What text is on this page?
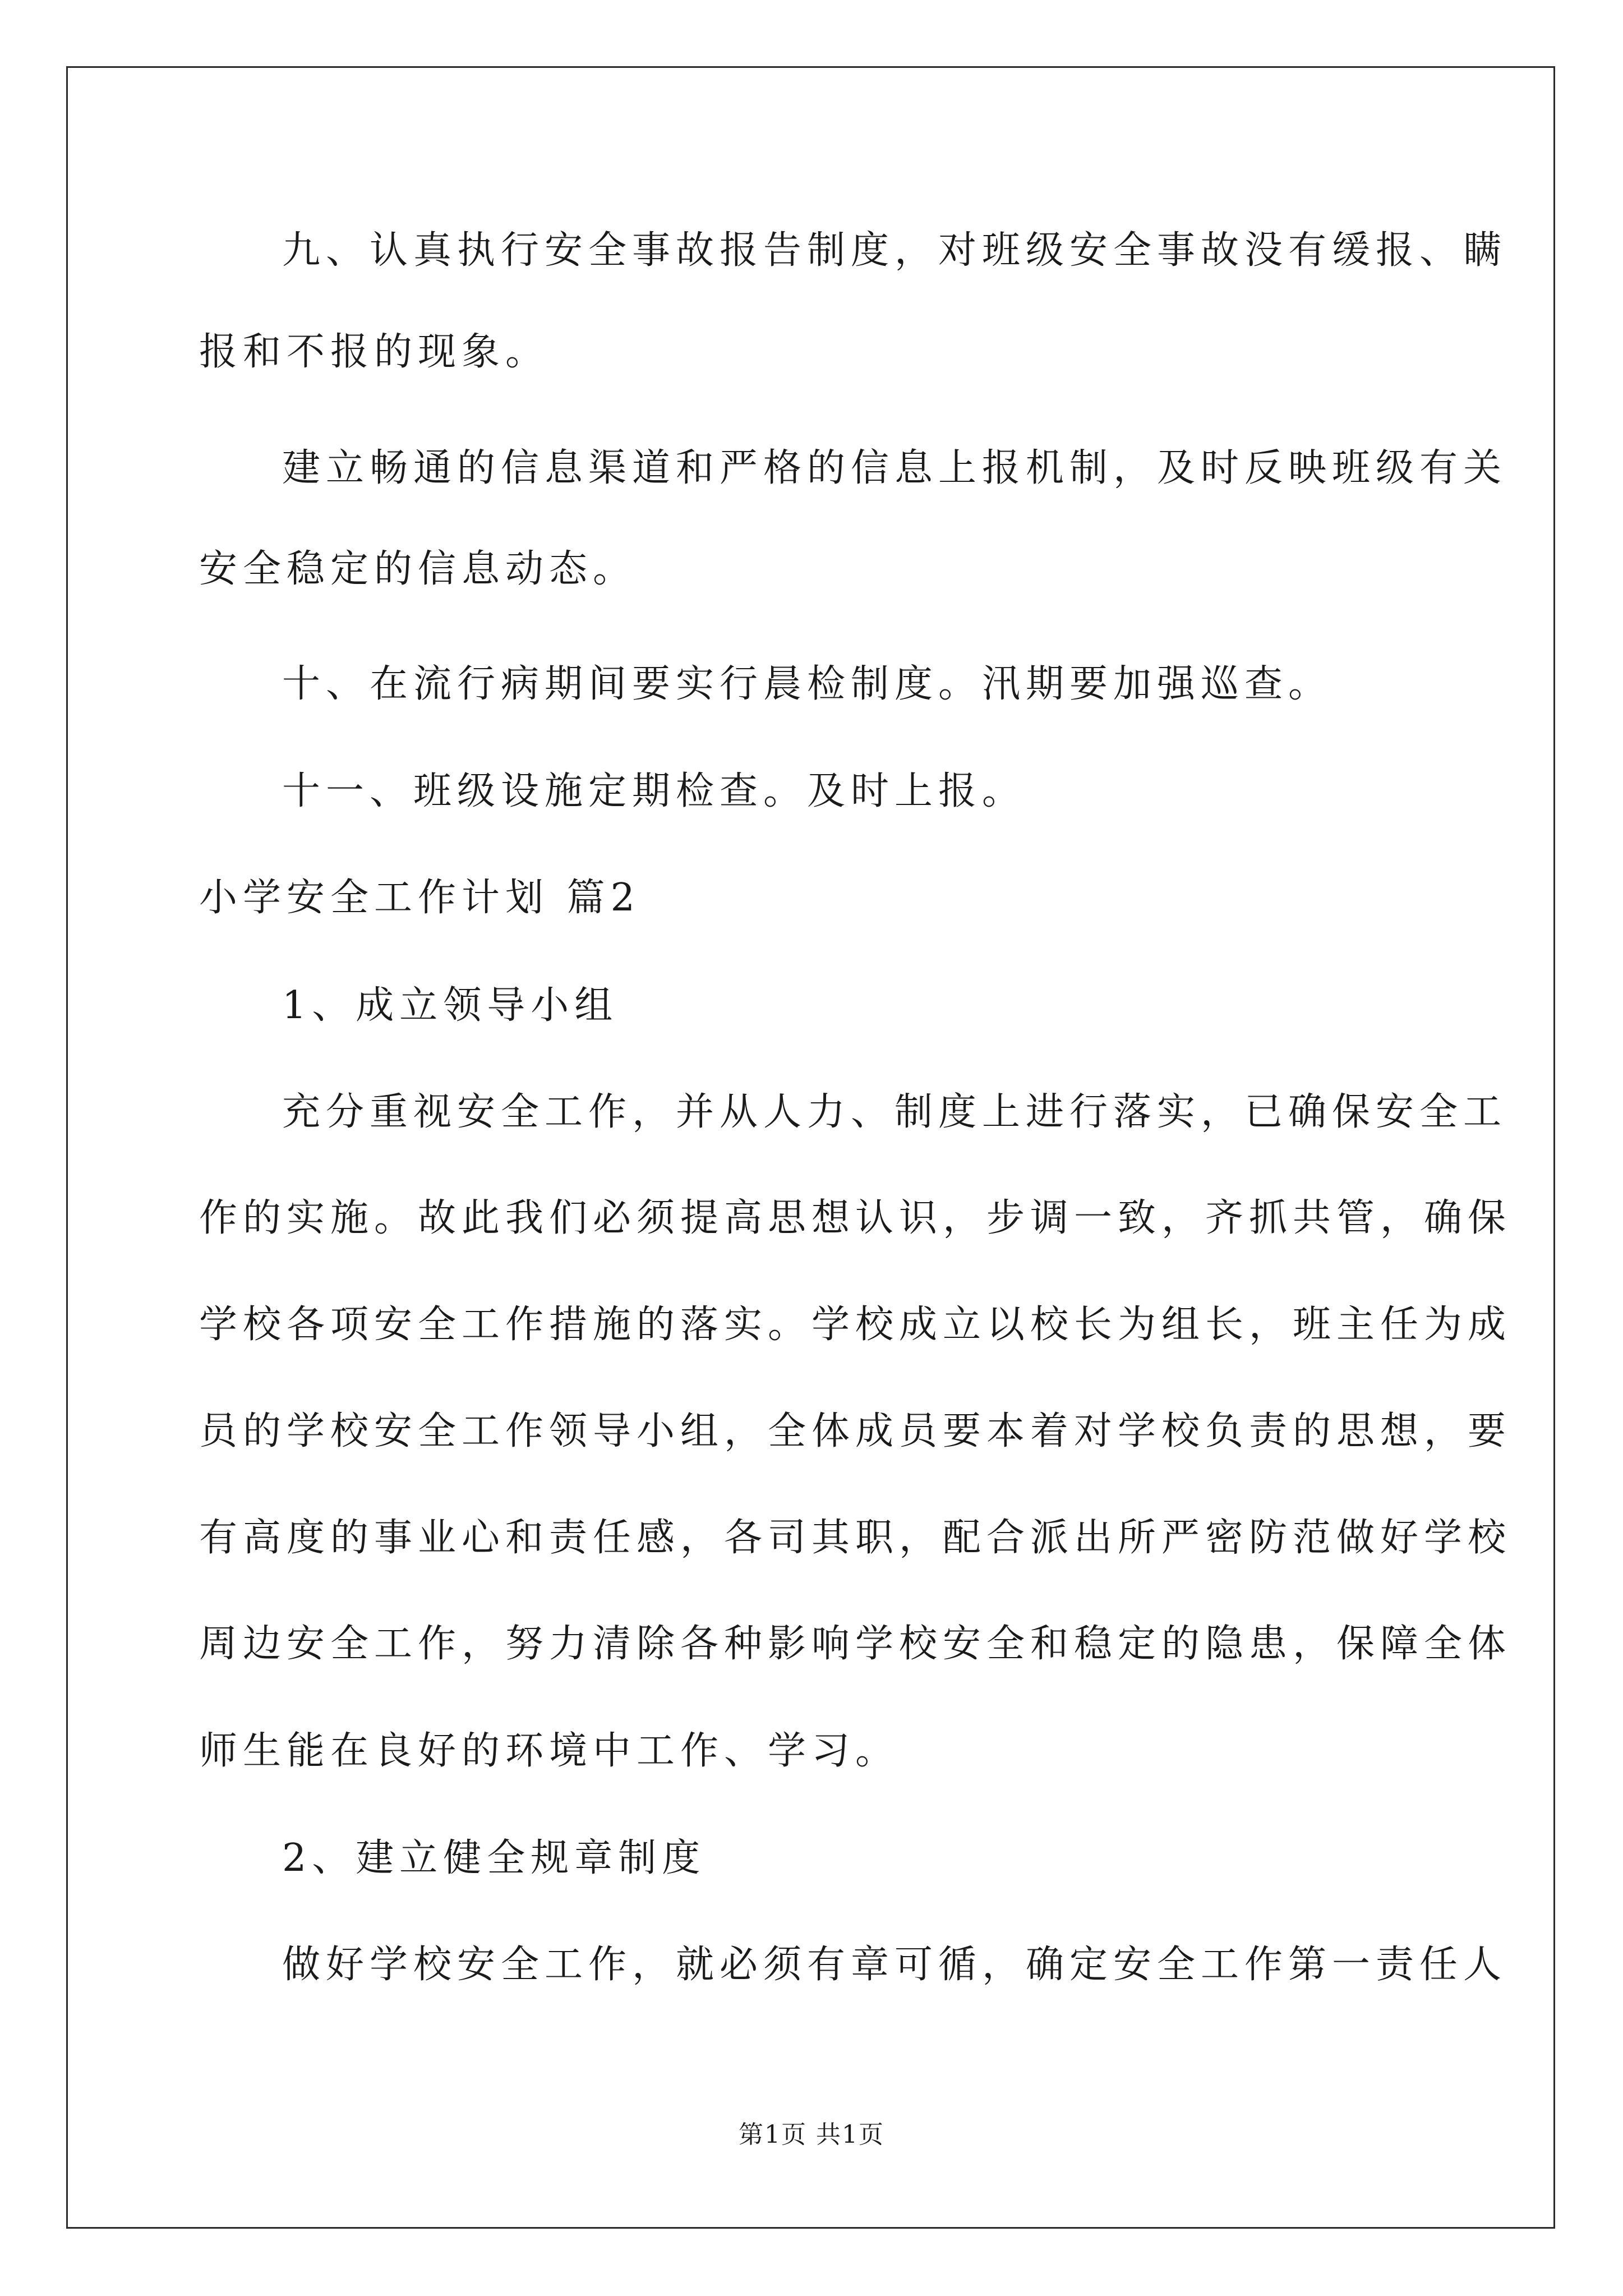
九、认真执行安全事故报告制度，对班级安全事故没有缓报、瞒
报和不报的现象。
建立畅通的信息渠道和严格的信息上报机制，及时反映班级有关
安全稳定的信息动态。
十、在流行病期间要实行晨检制度。汛期要加强巡查。
十一、班级设施定期检查。及时上报。
小学安全工作计划 篇2
1、成立领导小组
充分重视安全工作，并从人力、制度上进行落实，已确保安全工
作的实施。故此我们必须提高思想认识，步调一致，齐抓共管，确保
学校各项安全工作措施的落实。学校成立以校长为组长，班主任为成
员的学校安全工作领导小组，全体成员要本着对学校负责的思想，要
有高度的事业心和责任感，各司其职，配合派出所严密防范做好学校
周边安全工作，努力清除各种影响学校安全和稳定的隐患，保障全体
师生能在良好的环境中工作、学习。
2、建立健全规章制度
做好学校安全工作，就必须有章可循，确定安全工作第一责任人
第1页 共1页
